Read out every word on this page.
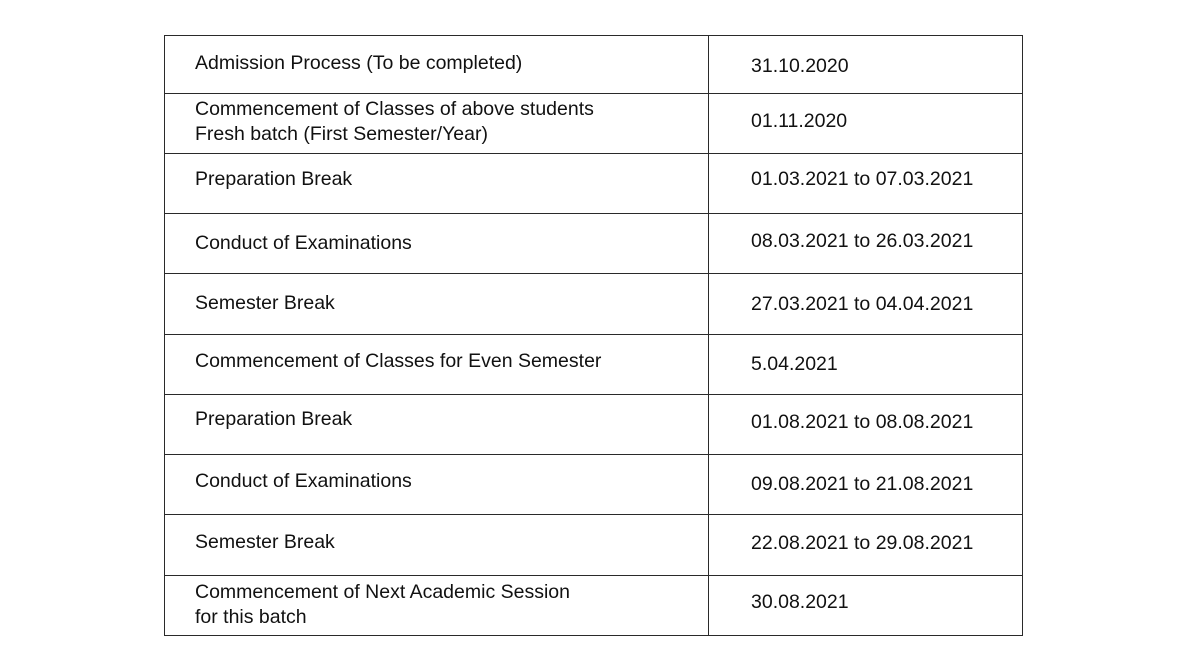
Admission Process (To be completed)	31.10.2020

Commencement of Classes of above students
Fresh batch (First Semester/Year)	01.11.2020

Preparation Break	01.03.2021 to 07.03.2021

Conduct of Examinations	08.03.2021 to 26.03.2021

Semester Break	27.03.2021 to 04.04.2021

Commencement of Classes for Even Semester	5.04.2021

Preparation Break	01.08.2021 to 08.08.2021

Conduct of Examinations	09.08.2021 to 21.08.2021

Semester Break	22.08.2021 to 29.08.2021

Commencement of Next Academic Session
for this batch	30.08.2021
